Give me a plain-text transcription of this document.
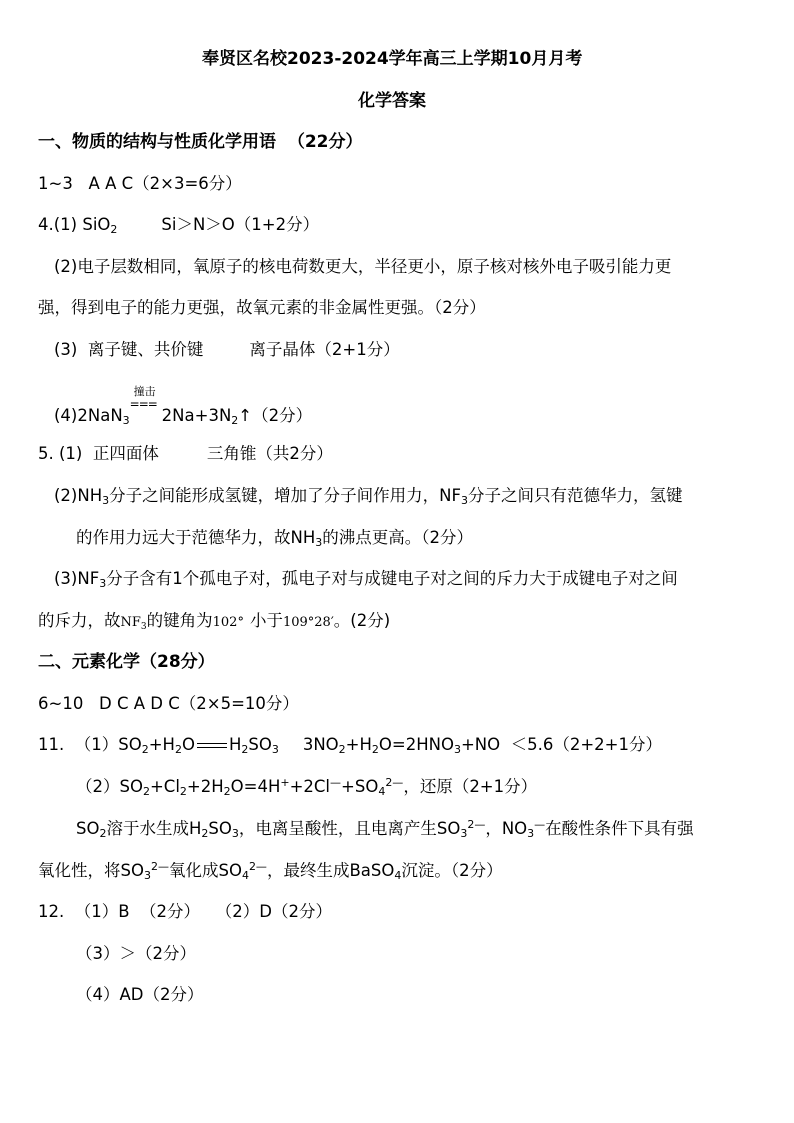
奉贤区名校2023-2024学年高三上学期10月月考
化学答案
一、物质的结构与性质化学用语  （22分）
1~3   A A C（2×3=6分）
4.(1) SiO$_2$	Si＞N＞O（1+2分）
(2)电子层数相同，氧原子的核电荷数更大，半径更小，原子核对核外电子吸引能力更
强，得到电子的能力更强，故氧元素的非金属性更强。（2分）
(3)  离子键、共价键	离子晶体（2+1分）
(4)2NaN$_3$
撞击
===
$2Na+3N_2↑(2$分）
5. (1)  正四面体	三角锥（共2分）
$(2)NH_3$分子之间能形成氢键，增加了分子间作用力，$NF_3$分子之间只有范德华力，氢键
的作用力远大于范德华力，故$NH_3$的沸点更高。（2分）
$(3)NF_3$分子含有1个孤电子对，孤电子对与成键电子对之间的斥力大于成键电子对之间
的斥力，故$NF_3$的键角为102° 小于109°28′。(2分)
二、元素化学（28分）
6~10   D C A D C（2×5=10分）
11.  $(1)SO_2+H_2O$ $H_2SO_3$ $3NO_2+H_2O=2HNO_3+NO <5.6(2+2+1$分）
$(2)SO_2+Cl_2+2H_2O=4H^++2Cl^—+SO_4^{2—}$，还原（2+1分）
$SO_2$溶于水生成$H_2SO_3$，电离呈酸性，且电离产生$SO_3^{2—}$，$NO_3^—$在酸性条件下具有强
氧化性，将$SO_3^{2—}$氧化成$SO_4^{2—}$，最终生成BaSO$_4$沉淀。（2分）
12.  （1）B  （2分）   （2）D（2分）
（3）＞（2分）
（4）AD（2分）
